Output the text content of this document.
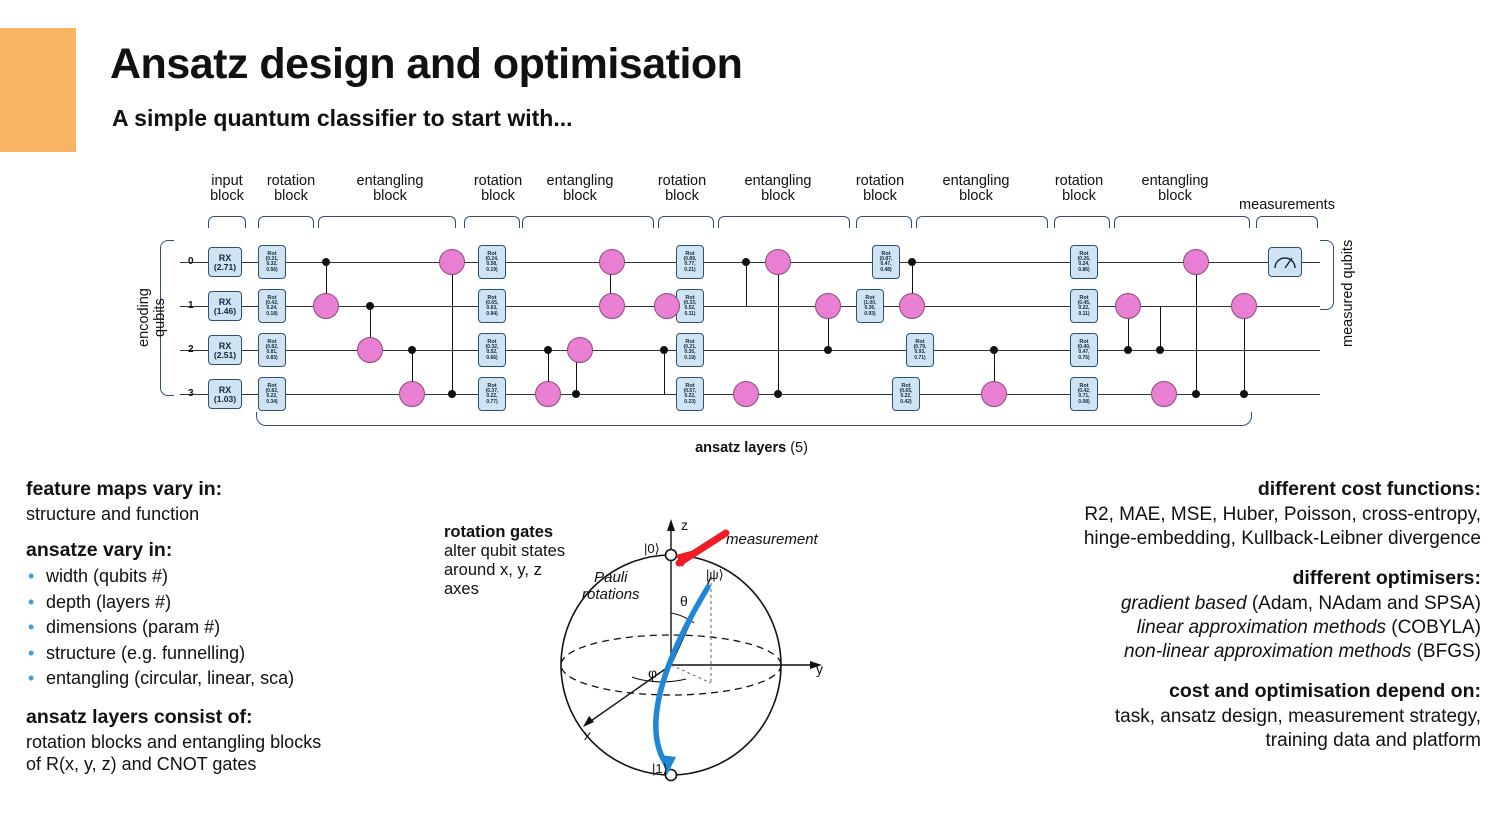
Ansatz design and optimisation
A simple quantum classifier to start with...
input
block
rotation
block
entangling
block
rotation
block
entangling
block
rotation
block
entangling
block
rotation
block
entangling
block
rotation
block
entangling
block
measurements
encoding qubits	measured qubits
0
1
2
3
RX
(2.71)
RX
(1.46)
RX
(2.51)
RX
(1.03)
Rot
(0.31,
0.32,
0.56)
Rot
(0.42,
0.24,
0.18)
Rot
(0.82,
0.81,
0.83)
Rot
(0.82,
0.22,
0.34)
Rot
(0.24,
0.58,
0.19)
Rot
(0.65,
0.63,
0.94)
Rot
(0.32,
0.52,
0.66)
Rot
(0.37,
0.22,
0.77)
Rot
(0.89,
0.77,
0.21)
Rot
(0.33,
0.52,
0.11)
Rot
(0.21,
0.35,
0.19)
Rot
(0.57,
0.22,
0.23)
Rot
(0.87,
0.47,
0.48)
Rot
(1.00,
0.36,
0.93)
Rot
(0.79,
0.93,
0.71)
Rot
(0.65,
0.22,
0.42)
Rot
(0.26,
0.24,
0.86)
Rot
(0.45,
0.22,
0.11)
Rot
(0.40,
0.47,
0.75)
Rot
(0.42,
0.71,
0.08)
ansatz layers (5)
feature maps vary in:
structure and function
ansatze vary in:
• width (qubits #)
• depth (layers #)
• dimensions (param #)
• structure (e.g. funnelling)
• entangling (circular, linear, sca)
ansatz layers consist of:
rotation blocks and entangling blocks
of R(x, y, z) and CNOT gates
rotation gates
alter qubit states
around x, y, z
axes
measurement
Pauli
rotations
|0⟩
|1⟩
|ψ⟩
z
y
x
θ
φ
different cost functions:
R2, MAE, MSE, Huber, Poisson, cross-entropy,
hinge-embedding, Kullback-Leibner divergence
different optimisers:
gradient based (Adam, NAdam and SPSA)
linear approximation methods (COBYLA)
non-linear approximation methods (BFGS)
cost and optimisation depend on:
task, ansatz design, measurement strategy,
training data and platform
